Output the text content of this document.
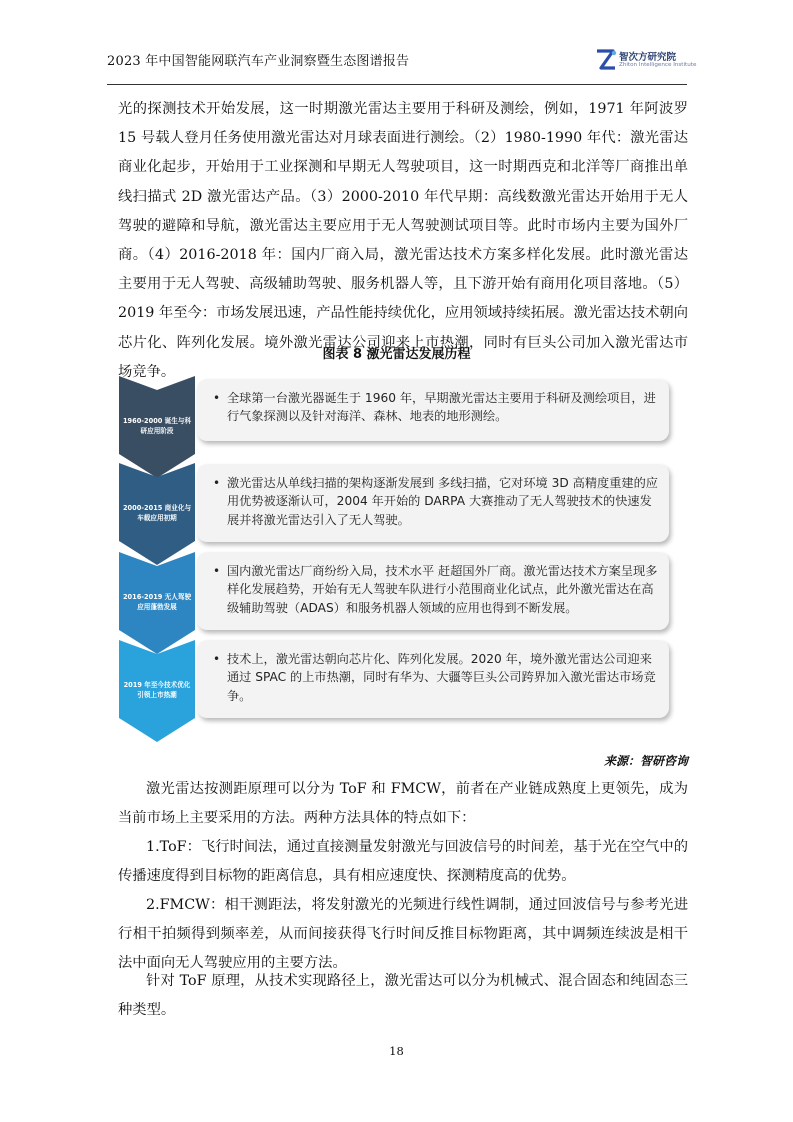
2023 年中国智能网联汽车产业洞察暨生态图谱报告	智次方研究院
Zhiton Intelligence Institute

光的探测技术开始发展，这一时期激光雷达主要用于科研及测绘，例如，1971 年阿波罗 15 号载人登月任务使用激光雷达对月球表面进行测绘。（2）1980-1990 年代：激光雷达商业化起步，开始用于工业探测和早期无人驾驶项目，这一时期西克和北洋等厂商推出单线扫描式 2D 激光雷达产品。（3）2000-2010 年代早期：高线数激光雷达开始用于无人驾驶的避障和导航，激光雷达主要应用于无人驾驶测试项目等。此时市场内主要为国外厂商。（4）2016-2018 年：国内厂商入局，激光雷达技术方案多样化发展。此时激光雷达主要用于无人驾驶、高级辅助驾驶、服务机器人等，且下游开始有商用化项目落地。（5）2019 年至今：市场发展迅速，产品性能持续优化，应用领域持续拓展。激光雷达技术朝向芯片化、阵列化发展。境外激光雷达公司迎来上市热潮，同时有巨头公司加入激光雷达市场竞争。

图表 8 激光雷达发展历程
1960-2000 诞生与科研应用阶段
• 全球第一台激光器诞生于 1960 年，早期激光雷达主要用于科研及测绘项目，进行气象探测以及针对海洋、森林、地表的地形测绘。
2000-2015 商业化与车载应用初期
• 激光雷达从单线扫描的架构逐渐发展到 多线扫描，它对环境 3D 高精度重建的应用优势被逐渐认可，2004 年开始的 DARPA 大赛推动了无人驾驶技术的快速发展并将激光雷达引入了无人驾驶。
2016-2019 无人驾驶应用蓬勃发展
• 国内激光雷达厂商纷纷入局，技术水平 赶超国外厂商。激光雷达技术方案呈现多样化发展趋势，开始有无人驾驶车队进行小范围商业化试点，此外激光雷达在高级辅助驾驶（ADAS）和服务机器人领域的应用也得到不断发展。
2019 年至今技术优化引领上市热潮
• 技术上，激光雷达朝向芯片化、阵列化发展。2020 年，境外激光雷达公司迎来通过 SPAC 的上市热潮，同时有华为、大疆等巨头公司跨界加入激光雷达市场竞争。
来源：智研咨询

激光雷达按测距原理可以分为 ToF 和 FMCW，前者在产业链成熟度上更领先，成为当前市场上主要采用的方法。两种方法具体的特点如下：

1.ToF：飞行时间法，通过直接测量发射激光与回波信号的时间差，基于光在空气中的传播速度得到目标物的距离信息，具有相应速度快、探测精度高的优势。

2.FMCW：相干测距法，将发射激光的光频进行线性调制，通过回波信号与参考光进行相干拍频得到频率差，从而间接获得飞行时间反推目标物距离，其中调频连续波是相干法中面向无人驾驶应用的主要方法。

针对 ToF 原理，从技术实现路径上，激光雷达可以分为机械式、混合固态和纯固态三种类型。

18
